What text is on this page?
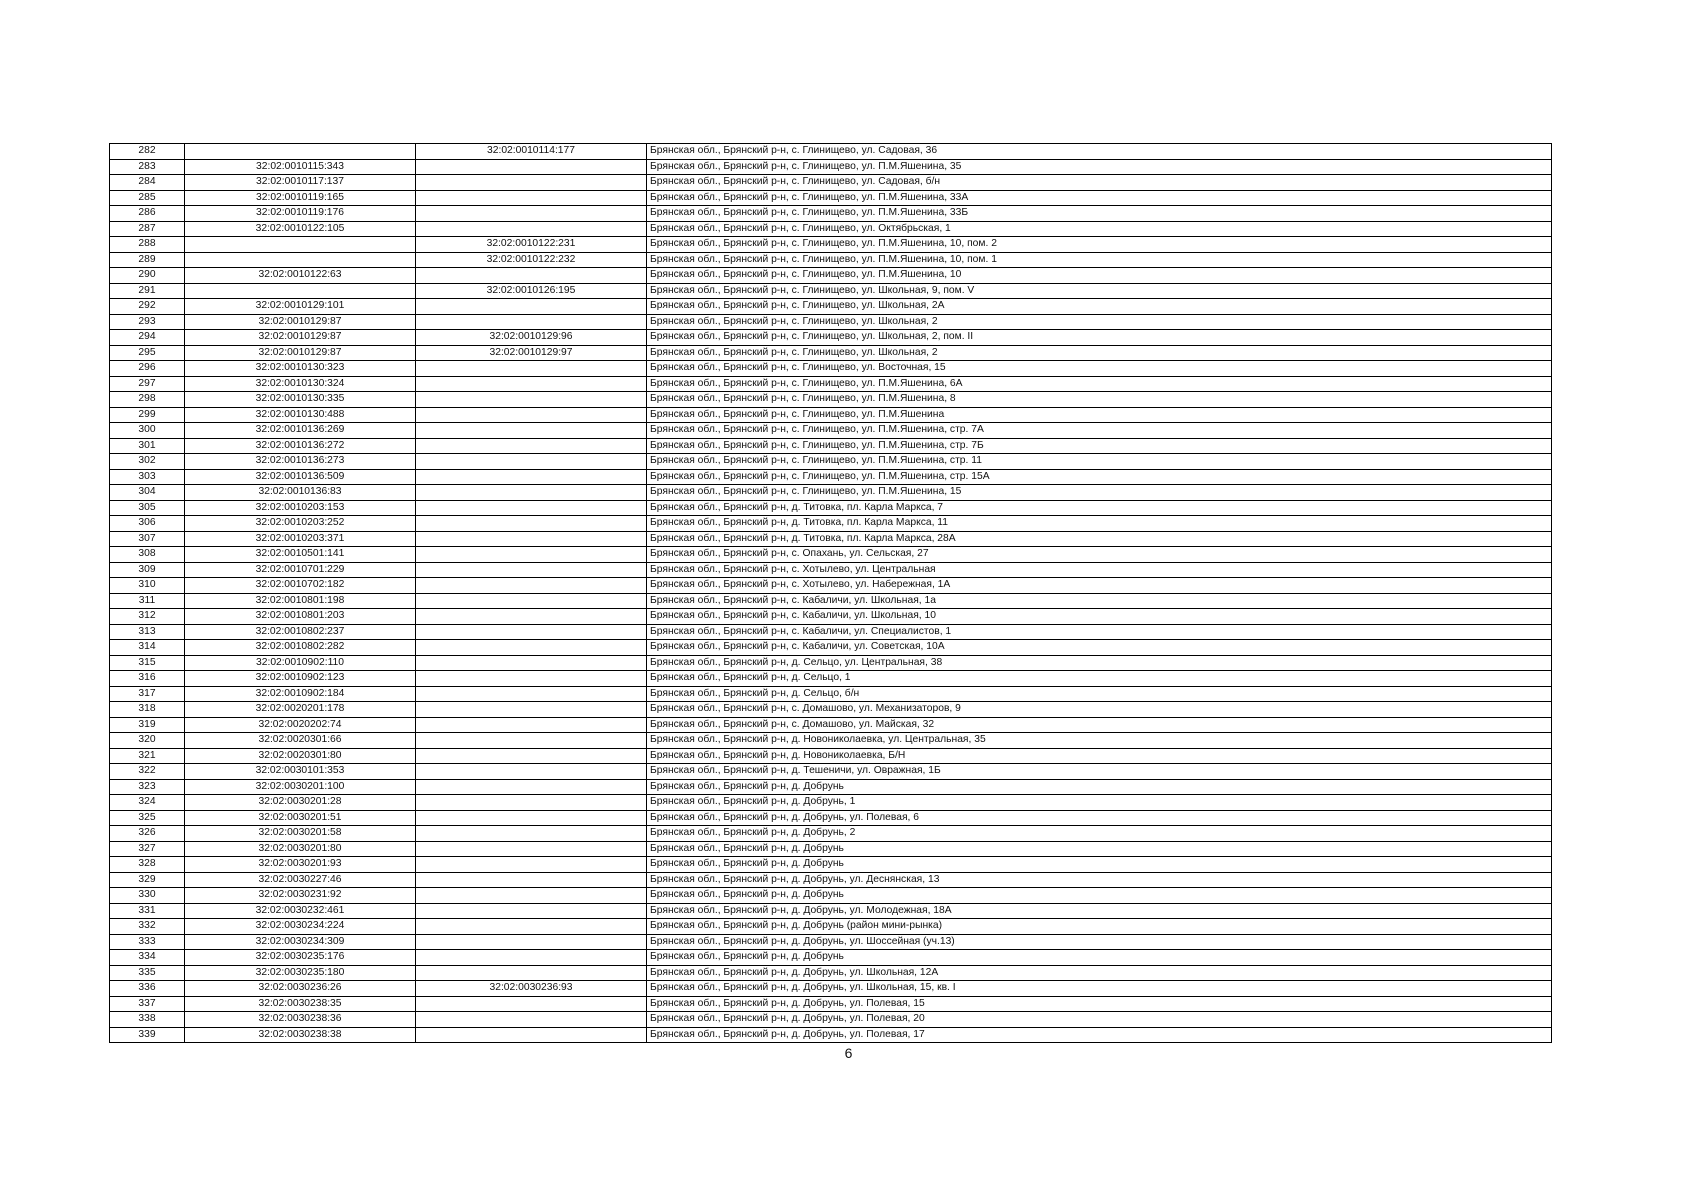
282		32:02:0010114:177	Брянская обл., Брянский р-н, с. Глинищево, ул. Садовая, 36
283	32:02:0010115:343		Брянская обл., Брянский р-н, с. Глинищево, ул. П.М.Яшенина, 35
284	32:02:0010117:137		Брянская обл., Брянский р-н, с. Глинищево, ул. Садовая, б/н
285	32:02:0010119:165		Брянская обл., Брянский р-н, с. Глинищево, ул. П.М.Яшенина, 33А
286	32:02:0010119:176		Брянская обл., Брянский р-н, с. Глинищево, ул. П.М.Яшенина, 33Б
287	32:02:0010122:105		Брянская обл., Брянский р-н, с. Глинищево, ул. Октябрьская, 1
288		32:02:0010122:231	Брянская обл., Брянский р-н, с. Глинищево, ул. П.М.Яшенина, 10, пом. 2
289		32:02:0010122:232	Брянская обл., Брянский р-н, с. Глинищево, ул. П.М.Яшенина, 10, пом. 1
290	32:02:0010122:63		Брянская обл., Брянский р-н, с. Глинищево, ул. П.М.Яшенина, 10
291		32:02:0010126:195	Брянская обл., Брянский р-н, с. Глинищево, ул. Школьная, 9, пом. V
292	32:02:0010129:101		Брянская обл., Брянский р-н, с. Глинищево, ул. Школьная, 2А
293	32:02:0010129:87		Брянская обл., Брянский р-н, с. Глинищево, ул. Школьная, 2
294	32:02:0010129:87	32:02:0010129:96	Брянская обл., Брянский р-н, с. Глинищево, ул. Школьная, 2, пом. II
295	32:02:0010129:87	32:02:0010129:97	Брянская обл., Брянский р-н, с. Глинищево, ул. Школьная, 2
296	32:02:0010130:323		Брянская обл., Брянский р-н, с. Глинищево, ул. Восточная, 15
297	32:02:0010130:324		Брянская обл., Брянский р-н, с. Глинищево, ул. П.М.Яшенина, 6А
298	32:02:0010130:335		Брянская обл., Брянский р-н, с. Глинищево, ул. П.М.Яшенина, 8
299	32:02:0010130:488		Брянская обл., Брянский р-н, с. Глинищево, ул. П.М.Яшенина
300	32:02:0010136:269		Брянская обл., Брянский р-н, с. Глинищево, ул. П.М.Яшенина, стр. 7А
301	32:02:0010136:272		Брянская обл., Брянский р-н, с. Глинищево, ул. П.М.Яшенина, стр. 7Б
302	32:02:0010136:273		Брянская обл., Брянский р-н, с. Глинищево, ул. П.М.Яшенина, стр. 11
303	32:02:0010136:509		Брянская обл., Брянский р-н, с. Глинищево, ул. П.М.Яшенина, стр. 15А
304	32:02:0010136:83		Брянская обл., Брянский р-н, с. Глинищево, ул. П.М.Яшенина, 15
305	32:02:0010203:153		Брянская обл., Брянский р-н, д. Титовка, пл. Карла Маркса, 7
306	32:02:0010203:252		Брянская обл., Брянский р-н, д. Титовка, пл. Карла Маркса, 11
307	32:02:0010203:371		Брянская обл., Брянский р-н, д. Титовка, пл. Карла Маркса, 28А
308	32:02:0010501:141		Брянская обл., Брянский р-н, с. Опахань, ул. Сельская, 27
309	32:02:0010701:229		Брянская обл., Брянский р-н, с. Хотылево, ул. Центральная
310	32:02:0010702:182		Брянская обл., Брянский р-н, с. Хотылево, ул. Набережная, 1А
311	32:02:0010801:198		Брянская обл., Брянский р-н, с. Кабаличи, ул. Школьная, 1а
312	32:02:0010801:203		Брянская обл., Брянский р-н, с. Кабаличи, ул. Школьная, 10
313	32:02:0010802:237		Брянская обл., Брянский р-н, с. Кабаличи, ул. Специалистов, 1
314	32:02:0010802:282		Брянская обл., Брянский р-н, с. Кабаличи, ул. Советская, 10А
315	32:02:0010902:110		Брянская обл., Брянский р-н, д. Сельцо, ул. Центральная, 38
316	32:02:0010902:123		Брянская обл., Брянский р-н, д. Сельцо, 1
317	32:02:0010902:184		Брянская обл., Брянский р-н, д. Сельцо, б/н
318	32:02:0020201:178		Брянская обл., Брянский р-н, с. Домашово, ул. Механизаторов, 9
319	32:02:0020202:74		Брянская обл., Брянский р-н, с. Домашово, ул. Майская, 32
320	32:02:0020301:66		Брянская обл., Брянский р-н, д. Новониколаевка, ул. Центральная, 35
321	32:02:0020301:80		Брянская обл., Брянский р-н, д. Новониколаевка, Б/Н
322	32:02:0030101:353		Брянская обл., Брянский р-н, д. Тешеничи, ул. Овражная, 1Б
323	32:02:0030201:100		Брянская обл., Брянский р-н, д. Добрунь
324	32:02:0030201:28		Брянская обл., Брянский р-н, д. Добрунь, 1
325	32:02:0030201:51		Брянская обл., Брянский р-н, д. Добрунь, ул. Полевая, 6
326	32:02:0030201:58		Брянская обл., Брянский р-н, д. Добрунь, 2
327	32:02:0030201:80		Брянская обл., Брянский р-н, д. Добрунь
328	32:02:0030201:93		Брянская обл., Брянский р-н, д. Добрунь
329	32:02:0030227:46		Брянская обл., Брянский р-н, д. Добрунь, ул. Деснянская, 13
330	32:02:0030231:92		Брянская обл., Брянский р-н, д. Добрунь
331	32:02:0030232:461		Брянская обл., Брянский р-н, д. Добрунь, ул. Молодежная, 18А
332	32:02:0030234:224		Брянская обл., Брянский р-н, д. Добрунь (район мини-рынка)
333	32:02:0030234:309		Брянская обл., Брянский р-н, д. Добрунь, ул. Шоссейная (уч.13)
334	32:02:0030235:176		Брянская обл., Брянский р-н, д. Добрунь
335	32:02:0030235:180		Брянская обл., Брянский р-н, д. Добрунь, ул. Школьная, 12А
336	32:02:0030236:26	32:02:0030236:93	Брянская обл., Брянский р-н, д. Добрунь, ул. Школьная, 15, кв. I
337	32:02:0030238:35		Брянская обл., Брянский р-н, д. Добрунь, ул. Полевая, 15
338	32:02:0030238:36		Брянская обл., Брянский р-н, д. Добрунь, ул. Полевая, 20
339	32:02:0030238:38		Брянская обл., Брянский р-н, д. Добрунь, ул. Полевая, 17
6
